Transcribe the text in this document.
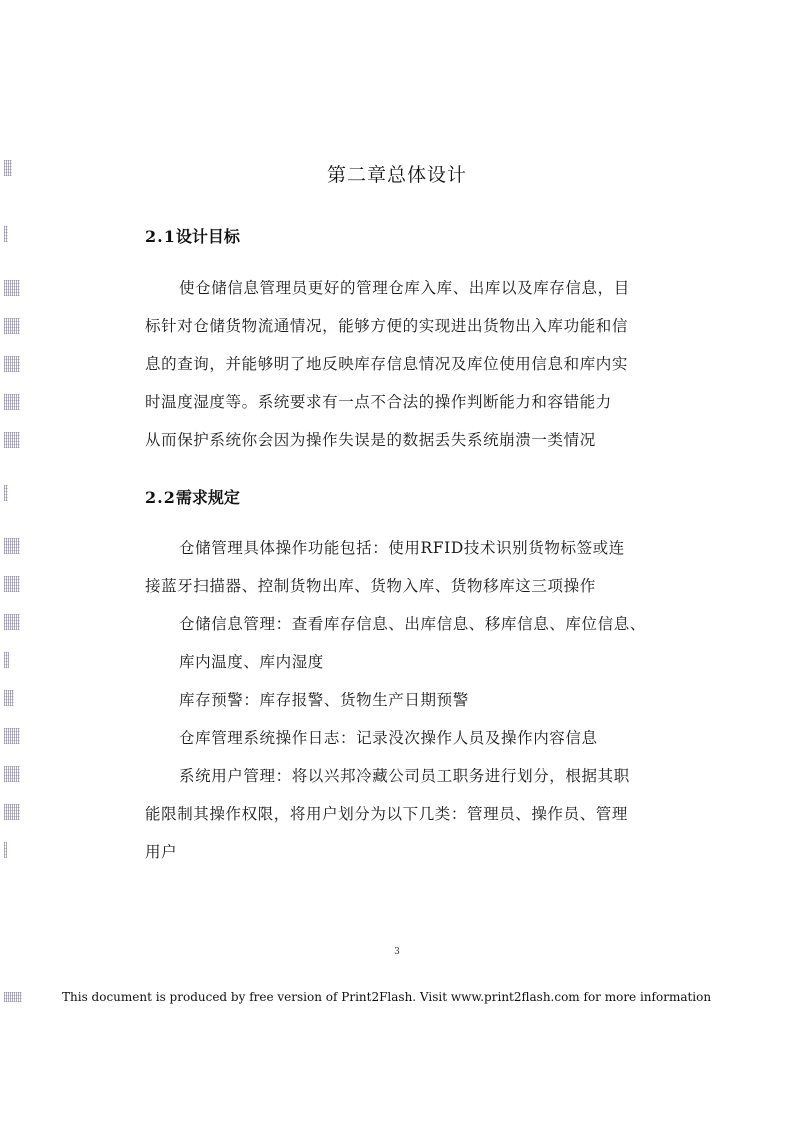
第二章总体设计
2.1设计目标
使仓储信息管理员更好的管理仓库入库、出库以及库存信息，目
标针对仓储货物流通情况，能够方便的实现进出货物出入库功能和信
息的查询，并能够明了地反映库存信息情况及库位使用信息和库内实
时温度湿度等。系统要求有一点不合法的操作判断能力和容错能力
从而保护系统你会因为操作失误是的数据丢失系统崩溃一类情况
2.2需求规定
仓储管理具体操作功能包括：使用RFID技术识别货物标签或连
接蓝牙扫描器、控制货物出库、货物入库、货物移库这三项操作
仓储信息管理：查看库存信息、出库信息、移库信息、库位信息、
库内温度、库内湿度
库存预警：库存报警、货物生产日期预警
仓库管理系统操作日志：记录没次操作人员及操作内容信息
系统用户管理：将以兴邦冷藏公司员工职务进行划分，根据其职
能限制其操作权限，将用户划分为以下几类：管理员、操作员、管理
用户
3
This document is produced by free version of Print2Flash. Visit www.print2flash.com for more information
